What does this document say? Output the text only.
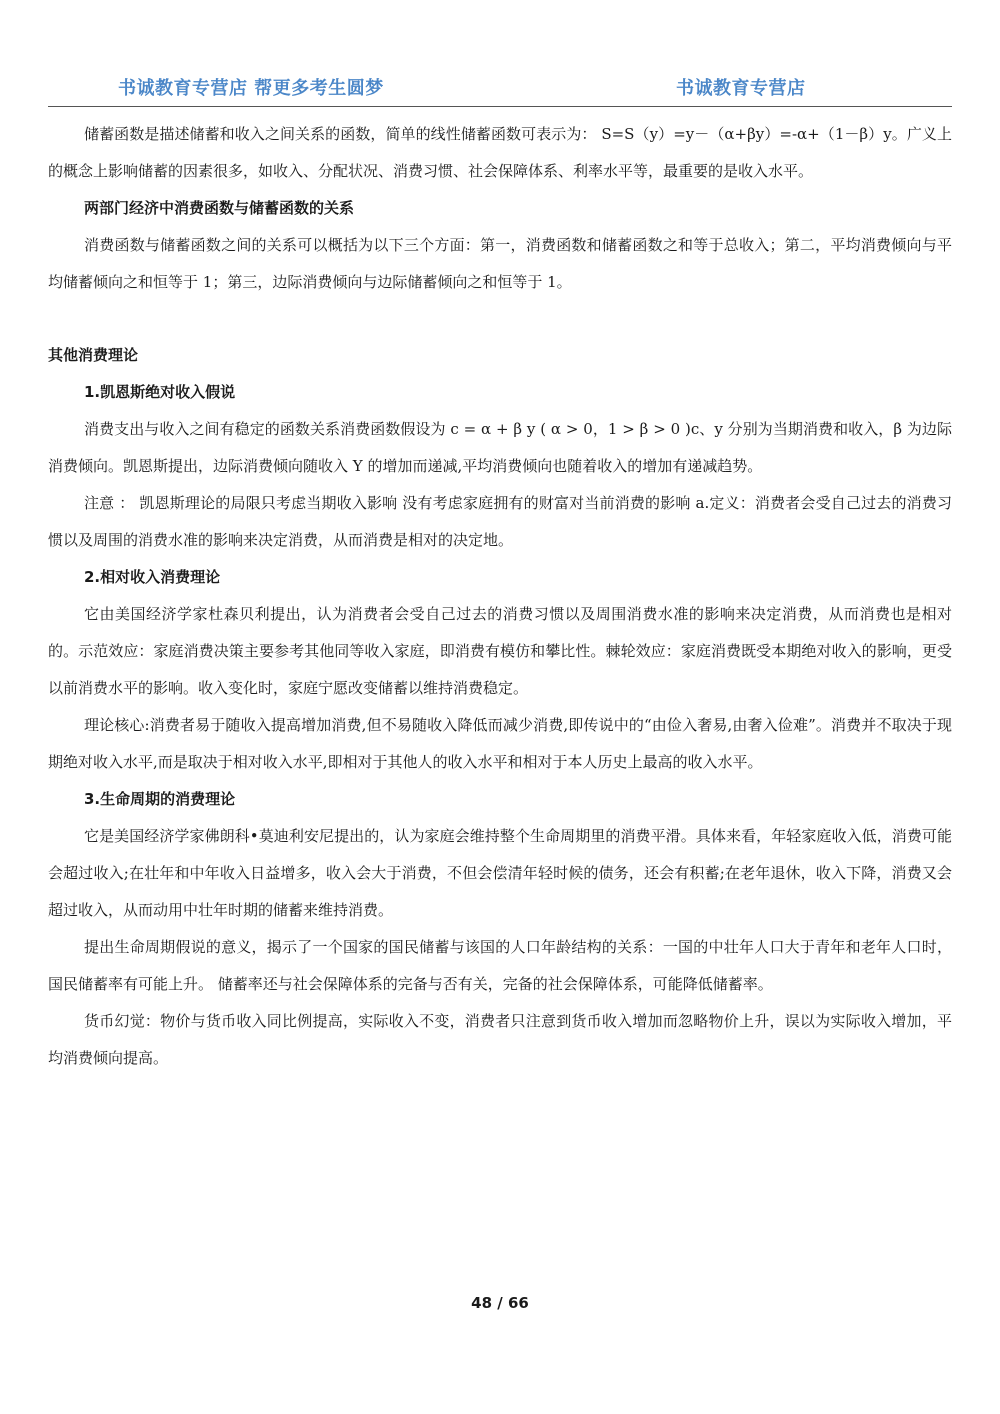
书诚教育专营店 帮更多考生圆梦	书诚教育专营店

储蓄函数是描述储蓄和收入之间关系的函数，简单的线性储蓄函数可表示为： S=S（y）=y－（α+βy）=-α+（1－β）y。广义上的概念上影响储蓄的因素很多，如收入、分配状况、消费习惯、社会保障体系、利率水平等，最重要的是收入水平。

两部门经济中消费函数与储蓄函数的关系

消费函数与储蓄函数之间的关系可以概括为以下三个方面：第一，消费函数和储蓄函数之和等于总收入；第二，平均消费倾向与平均储蓄倾向之和恒等于 1；第三，边际消费倾向与边际储蓄倾向之和恒等于 1。

其他消费理论

1.凯恩斯绝对收入假说

消费支出与收入之间有稳定的函数关系消费函数假设为 c = α + β y ( α > 0，1 > β > 0 )c、y 分别为当期消费和收入，β 为边际消费倾向。凯恩斯提出，边际消费倾向随收入 Y 的增加而递减,平均消费倾向也随着收入的增加有递减趋势。

注意 ： 凯恩斯理论的局限只考虑当期收入影响 没有考虑家庭拥有的财富对当前消费的影响 a.定义：消费者会受自己过去的消费习惯以及周围的消费水准的影响来决定消费，从而消费是相对的决定地。

2.相对收入消费理论

它由美国经济学家杜森贝利提出，认为消费者会受自己过去的消费习惯以及周围消费水准的影响来决定消费，从而消费也是相对的。示范效应：家庭消费决策主要参考其他同等收入家庭，即消费有模仿和攀比性。棘轮效应：家庭消费既受本期绝对收入的影响，更受以前消费水平的影响。收入变化时，家庭宁愿改变储蓄以维持消费稳定。

理论核心:消费者易于随收入提高增加消费,但不易随收入降低而减少消费,即传说中的“由俭入奢易,由奢入俭难”。消费并不取决于现期绝对收入水平,而是取决于相对收入水平,即相对于其他人的收入水平和相对于本人历史上最高的收入水平。

3.生命周期的消费理论

它是美国经济学家佛朗科•莫迪利安尼提出的，认为家庭会维持整个生命周期里的消费平滑。具体来看，年轻家庭收入低，消费可能会超过收入;在壮年和中年收入日益增多，收入会大于消费，不但会偿清年轻时候的债务，还会有积蓄;在老年退休，收入下降，消费又会超过收入，从而动用中壮年时期的储蓄来维持消费。

提出生命周期假说的意义，揭示了一个国家的国民储蓄与该国的人口年龄结构的关系：一国的中壮年人口大于青年和老年人口时，国民储蓄率有可能上升。 储蓄率还与社会保障体系的完备与否有关，完备的社会保障体系，可能降低储蓄率。

货币幻觉：物价与货币收入同比例提高，实际收入不变，消费者只注意到货币收入增加而忽略物价上升，误以为实际收入增加，平均消费倾向提高。

48 / 66
